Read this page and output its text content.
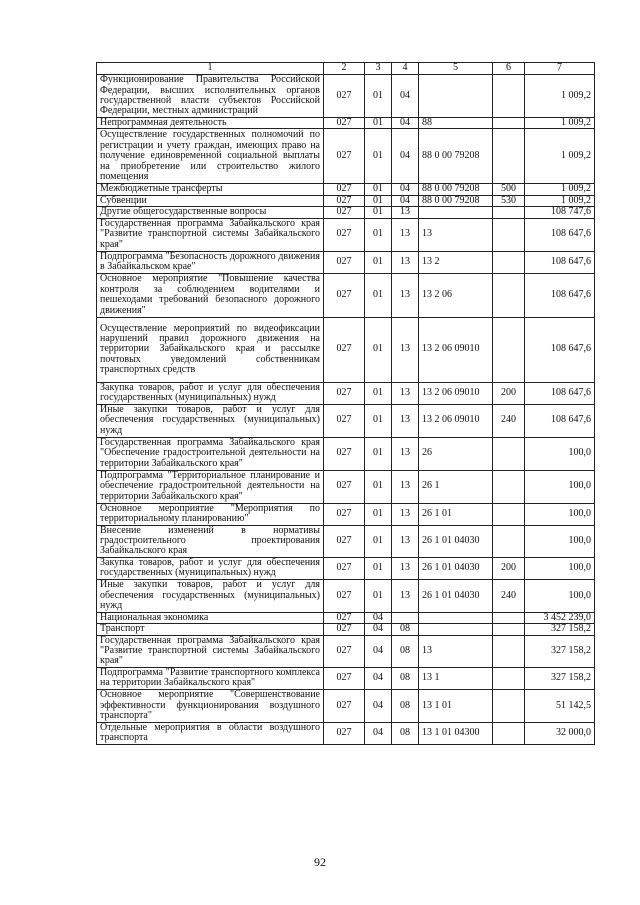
1	2	3	4	5	6	7
Функционирование Правительства Российской Федерации, высших исполнительных органов государственной власти субъектов Российской Федерации, местных администраций	027	01	04			1 009,2
Непрограммная деятельность	027	01	04	88		1 009,2
Осуществление государственных полномочий по регистрации и учету граждан, имеющих право на получение единовременной социальной выплаты на приобретение или строительство жилого помещения	027	01	04	88 0 00 79208		1 009,2
Межбюджетные трансферты	027	01	04	88 0 00 79208	500	1 009,2
Субвенции	027	01	04	88 0 00 79208	530	1 009,2
Другие общегосударственные вопросы	027	01	13			108 747,6
Государственная программа Забайкальского края "Развитие транспортной системы Забайкальского края"	027	01	13	13		108 647,6
Подпрограмма "Безопасность дорожного движения в Забайкальском крае"	027	01	13	13 2		108 647,6
Основное мероприятие "Повышение качества контроля за соблюдением водителями и пешеходами требований безопасного дорожного движения"	027	01	13	13 2 06		108 647,6
Осуществление мероприятий по видеофиксации нарушений правил дорожного движения на территории Забайкальского края и рассылке почтовых уведомлений собственникам транспортных средств	027	01	13	13 2 06 09010		108 647,6
Закупка товаров, работ и услуг для обеспечения государственных (муниципальных) нужд	027	01	13	13 2 06 09010	200	108 647,6
Иные закупки товаров, работ и услуг для обеспечения государственных (муниципальных) нужд	027	01	13	13 2 06 09010	240	108 647,6
Государственная программа Забайкальского края "Обеспечение градостроительной деятельности на территории Забайкальского края"	027	01	13	26		100,0
Подпрограмма "Территориальное планирование и обеспечение градостроительной деятельности на территории Забайкальского края"	027	01	13	26 1		100,0
Основное мероприятие "Мероприятия по территориальному планированию"	027	01	13	26 1 01		100,0
Внесение изменений в нормативы градостроительного проектирования Забайкальского края	027	01	13	26 1 01 04030		100,0
Закупка товаров, работ и услуг для обеспечения государственных (муниципальных) нужд	027	01	13	26 1 01 04030	200	100,0
Иные закупки товаров, работ и услуг для обеспечения государственных (муниципальных) нужд	027	01	13	26 1 01 04030	240	100,0
Национальная экономика	027	04				3 452 239,0
Транспорт	027	04	08			327 158,2
Государственная программа Забайкальского края "Развитие транспортной системы Забайкальского края"	027	04	08	13		327 158,2
Подпрограмма "Развитие транспортного комплекса на территории Забайкальского края"	027	04	08	13 1		327 158,2
Основное мероприятие "Совершенствование эффективности функционирования воздушного транспорта"	027	04	08	13 1 01		51 142,5
Отдельные мероприятия в области воздушного транспорта	027	04	08	13 1 01 04300		32 000,0
92
